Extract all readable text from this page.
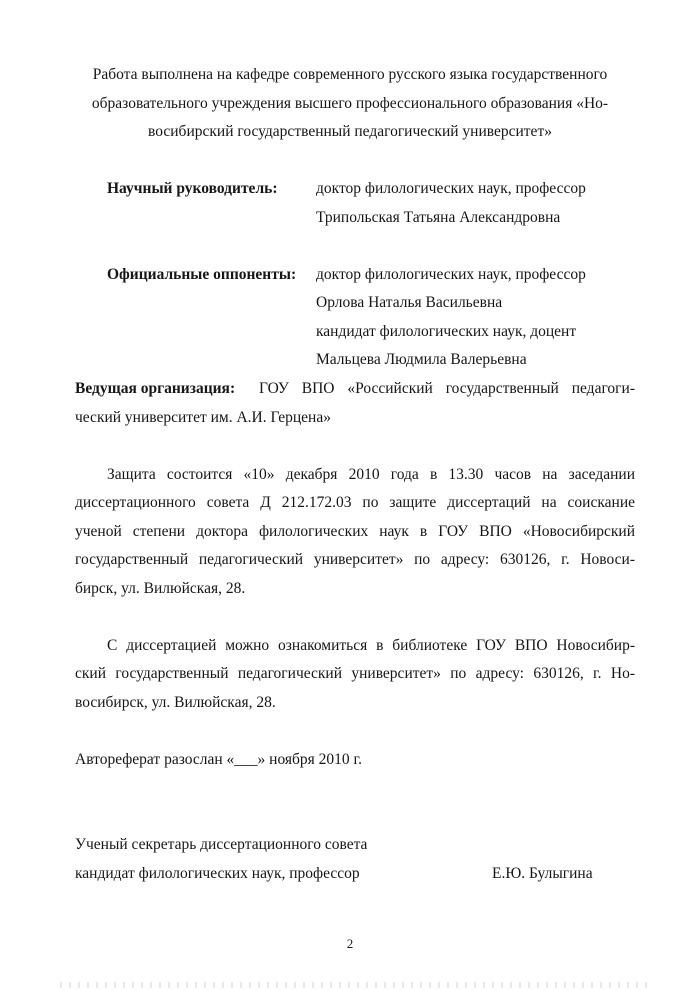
Работа выполнена на кафедре современного русского языка государственного
образовательного учреждения высшего профессионального образования «Но-
восибирский государственный педагогический университет»
Научный руководитель: доктор филологических наук, профессор
Трипольская Татьяна Александровна
Официальные оппоненты: доктор филологических наук, профессор
Орлова Наталья Васильевна
кандидат филологических наук, доцент
Мальцева Людмила Валерьевна
Ведущая организация: ГОУ ВПО «Российский государственный педагоги-
ческий университет им. А.И. Герцена»
Защита состоится «10» декабря 2010 года в 13.30 часов на заседании
диссертационного совета Д 212.172.03 по защите диссертаций на соискание
ученой степени доктора филологических наук в ГОУ ВПО «Новосибирский
государственный педагогический университет» по адресу: 630126, г. Новоси-
бирск, ул. Вилюйская, 28.
С диссертацией можно ознакомиться в библиотеке ГОУ ВПО Новосибир-
ский государственный педагогический университет» по адресу: 630126, г. Но-
восибирск, ул. Вилюйская, 28.
Автореферат разослан «___» ноября 2010 г.
Ученый секретарь диссертационного совета
кандидат филологических наук, профессор	Е.Ю. Булыгина
2
